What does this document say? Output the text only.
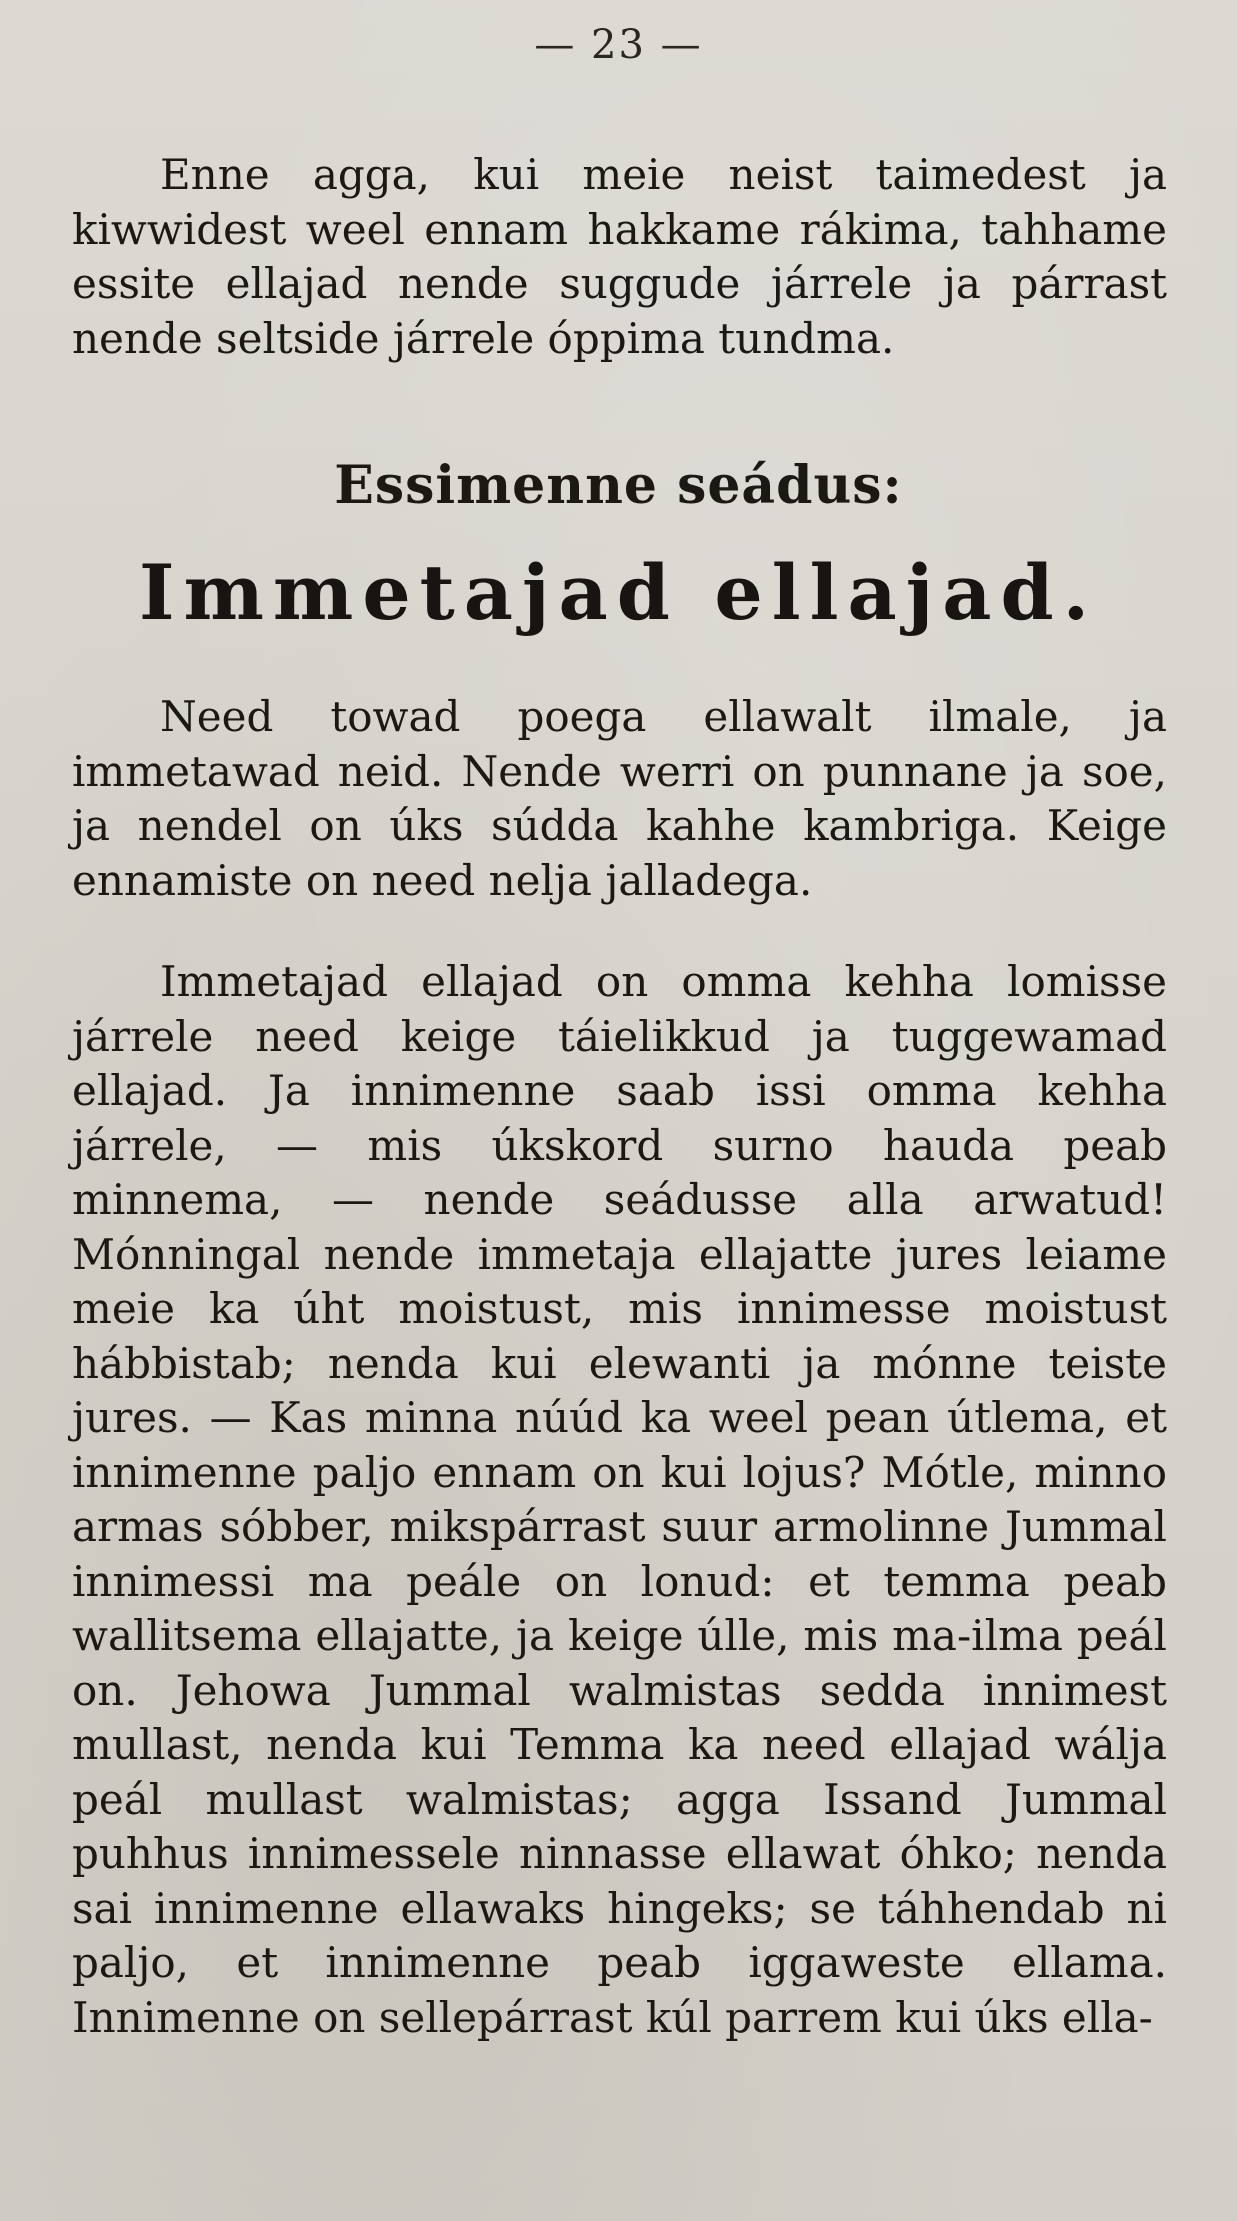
— 23 —

Enne agga, kui meie neist taimedest ja kiwwidest weel ennam hakkame rákima, tahhame essite ellajad nende suggude járrele ja párrast nende seltside járrele óppima tundma.

Essimenne seádus:
Immetajad ellajad.

Need towad poega ellawalt ilmale, ja immetawad neid. Nende werri on punnane ja soe, ja nendel on úks súdda kahhe kambriga. Keige ennamiste on need nelja jalladega.

Immetajad ellajad on omma kehha lomisse járrele need keige táielikkud ja tuggewamad ellajad. Ja innimenne saab issi omma kehha járrele, — mis úkskord surno hauda peab minnema, — nende seádusse alla arwatud! Mónningal nende immetaja ellajatte jures leiame meie ka úht moistust, mis innimesse moistust hábbistab; nenda kui elewanti ja mónne teiste jures. — Kas minna núúd ka weel pean útlema, et innimenne paljo ennam on kui lojus? Mótle, minno armas sóbber, mikspárrast suur armolinne Jummal innimessi ma peále on lonud: et temma peab wallitsema ellajatte, ja keige úlle, mis ma-ilma peál on. Jehowa Jummal walmistas sedda innimest mullast, nenda kui Temma ka need ellajad wálja peál mullast walmistas; agga Issand Jummal puhhus innimessele ninnasse ellawat óhko; nenda sai innimenne ellawaks hingeks; se táhhendab ni paljo, et innimenne peab iggaweste ellama. Innimenne on sellepárrast kúl parrem kui úks ella-
